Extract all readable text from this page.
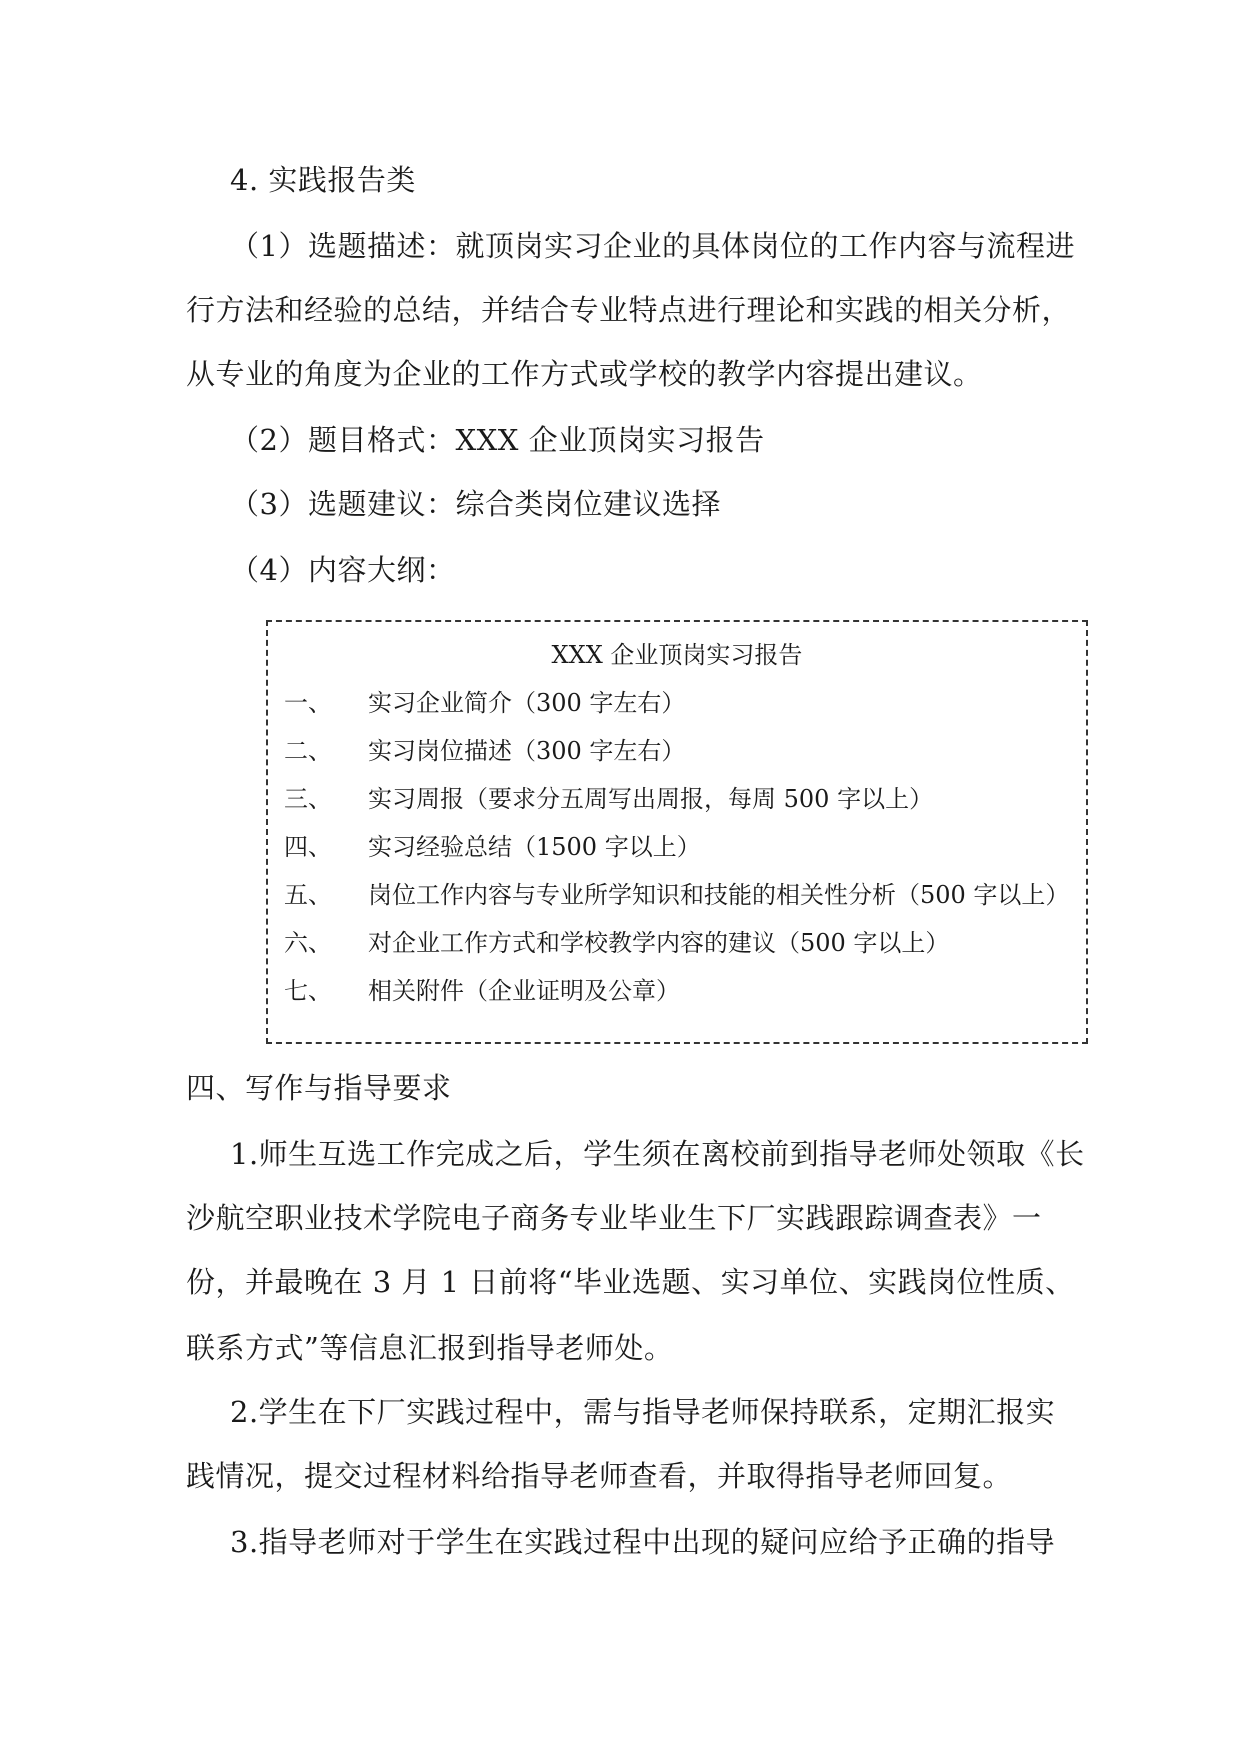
4. 实践报告类
（1）选题描述：就顶岗实习企业的具体岗位的工作内容与流程进
行方法和经验的总结，并结合专业特点进行理论和实践的相关分析，
从专业的角度为企业的工作方式或学校的教学内容提出建议。
（2）题目格式：XXX 企业顶岗实习报告
（3）选题建议：综合类岗位建议选择
（4）内容大纲：
XXX 企业顶岗实习报告
一、 实习企业简介（300 字左右）
二、 实习岗位描述（300 字左右）
三、 实习周报（要求分五周写出周报，每周 500 字以上）
四、 实习经验总结（1500 字以上）
五、 岗位工作内容与专业所学知识和技能的相关性分析（500 字以上）
六、 对企业工作方式和学校教学内容的建议（500 字以上）
七、 相关附件（企业证明及公章）
四、写作与指导要求
1.师生互选工作完成之后，学生须在离校前到指导老师处领取《长
沙航空职业技术学院电子商务专业毕业生下厂实践跟踪调查表》一
份，并最晚在 3 月 1 日前将“毕业选题、实习单位、实践岗位性质、
联系方式”等信息汇报到指导老师处。
2.学生在下厂实践过程中，需与指导老师保持联系，定期汇报实
践情况，提交过程材料给指导老师查看，并取得指导老师回复。
3.指导老师对于学生在实践过程中出现的疑问应给予正确的指导
